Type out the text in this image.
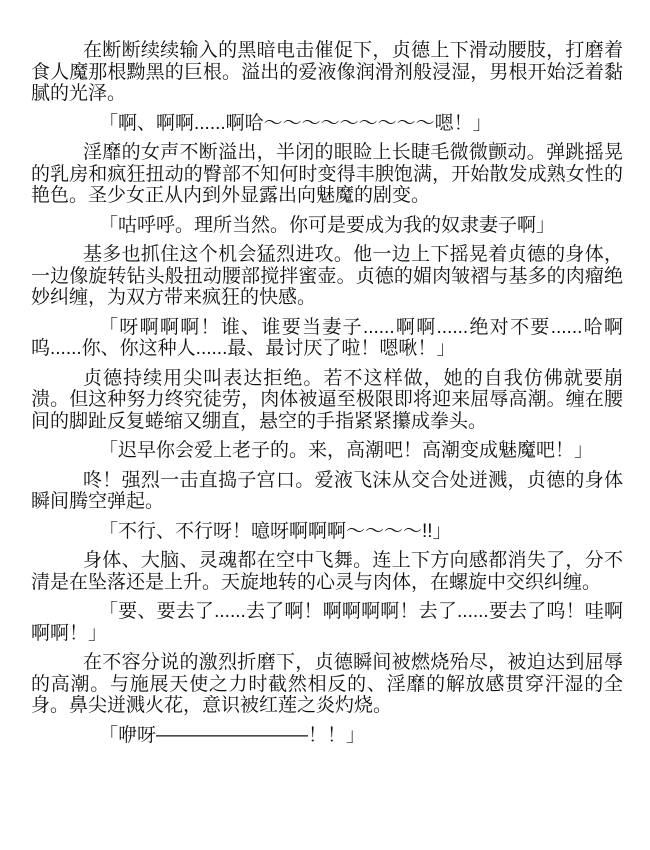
在断断续续输入的黑暗电击催促下，贞德上下滑动腰肢，打磨着食人魔那根黝黑的巨根。溢出的爱液像润滑剂般浸湿，男根开始泛着黏腻的光泽。

「啊、啊啊......啊哈～～～～～～～～～嗯！」

淫靡的女声不断溢出，半闭的眼睑上长睫毛微微颤动。弹跳摇晃的乳房和疯狂扭动的臀部不知何时变得丰腴饱满，开始散发成熟女性的艳色。圣少女正从内到外显露出向魅魔的剧变。

「咕呼呼。理所当然。你可是要成为我的奴隶妻子啊」

基多也抓住这个机会猛烈进攻。他一边上下摇晃着贞德的身体，一边像旋转钻头般扭动腰部搅拌蜜壶。贞德的媚肉皱褶与基多的肉瘤绝妙纠缠，为双方带来疯狂的快感。

「呀啊啊啊！谁、谁要当妻子......啊啊......绝对不要......哈啊呜......你、你这种人......最、最讨厌了啦！嗯啾！」

贞德持续用尖叫表达拒绝。若不这样做，她的自我仿佛就要崩溃。但这种努力终究徒劳，肉体被逼至极限即将迎来屈辱高潮。缠在腰间的脚趾反复蜷缩又绷直，悬空的手指紧紧攥成拳头。

「迟早你会爱上老子的。来，高潮吧！高潮变成魅魔吧！」

咚！强烈一击直捣子宫口。爱液飞沫从交合处迸溅，贞德的身体瞬间腾空弹起。

「不行、不行呀！噫呀啊啊啊～～～～!!」

身体、大脑、灵魂都在空中飞舞。连上下方向感都消失了，分不清是在坠落还是上升。天旋地转的心灵与肉体，在螺旋中交织纠缠。

「要、要去了......去了啊！啊啊啊啊！去了......要去了呜！哇啊啊啊！」

在不容分说的激烈折磨下，贞德瞬间被燃烧殆尽，被迫达到屈辱的高潮。与施展天使之力时截然相反的、淫靡的解放感贯穿汗湿的全身。鼻尖迸溅火花，意识被红莲之炎灼烧。

「咿呀————————！！」
